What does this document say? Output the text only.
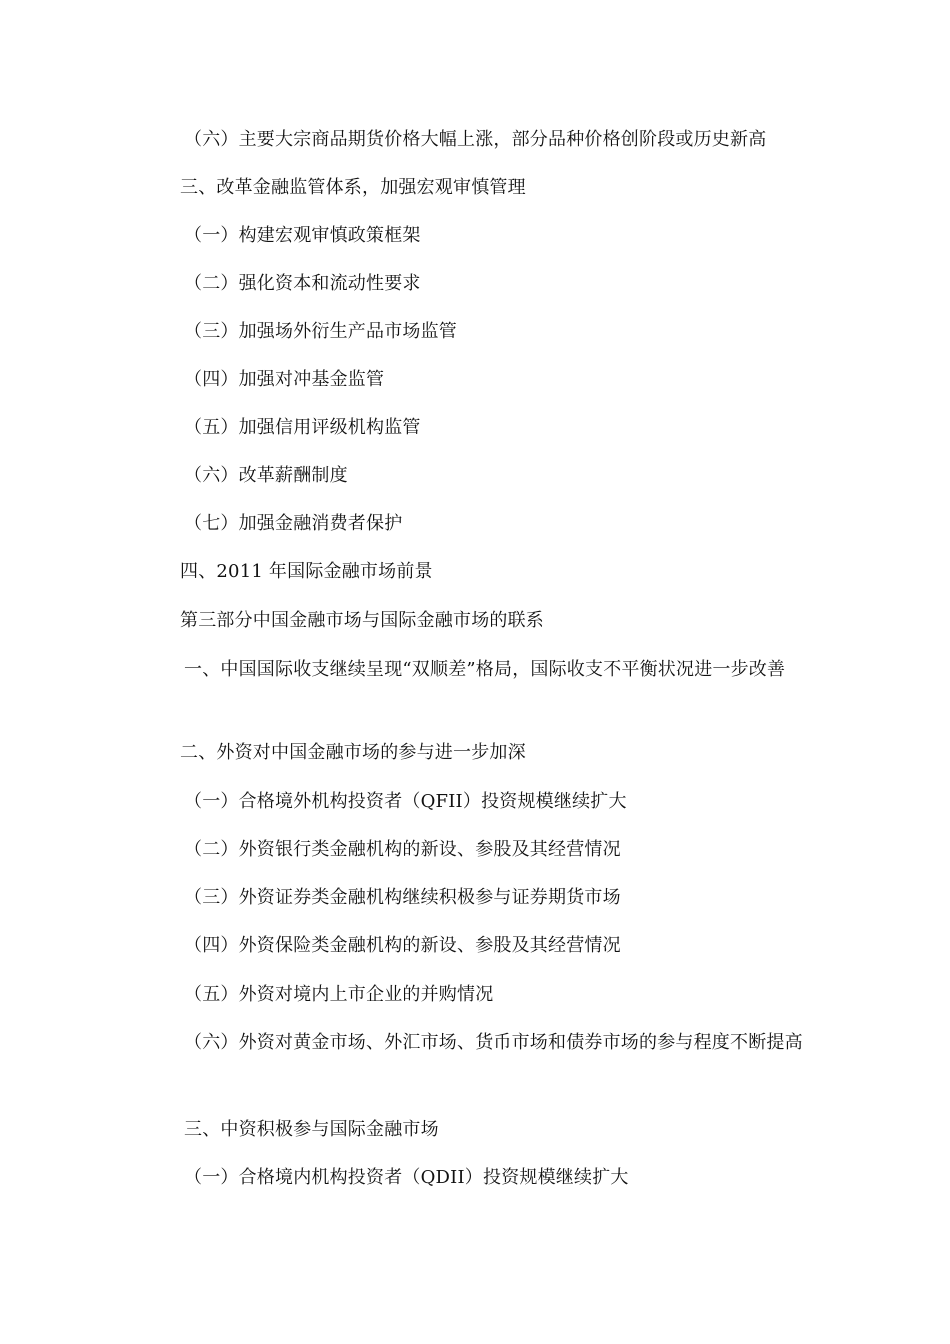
（六）主要大宗商品期货价格大幅上涨，部分品种价格创阶段或历史新高
三、改革金融监管体系，加强宏观审慎管理
（一）构建宏观审慎政策框架
（二）强化资本和流动性要求
（三）加强场外衍生产品市场监管
（四）加强对冲基金监管
（五）加强信用评级机构监管
（六）改革薪酬制度
（七）加强金融消费者保护
四、2011 年国际金融市场前景
第三部分中国金融市场与国际金融市场的联系
一、中国国际收支继续呈现“双顺差”格局，国际收支不平衡状况进一步改善
二、外资对中国金融市场的参与进一步加深
（一）合格境外机构投资者（QFII）投资规模继续扩大
（二）外资银行类金融机构的新设、参股及其经营情况
（三）外资证券类金融机构继续积极参与证券期货市场
（四）外资保险类金融机构的新设、参股及其经营情况
（五）外资对境内上市企业的并购情况
（六）外资对黄金市场、外汇市场、货币市场和债券市场的参与程度不断提高
三、中资积极参与国际金融市场
（一）合格境内机构投资者（QDII）投资规模继续扩大
